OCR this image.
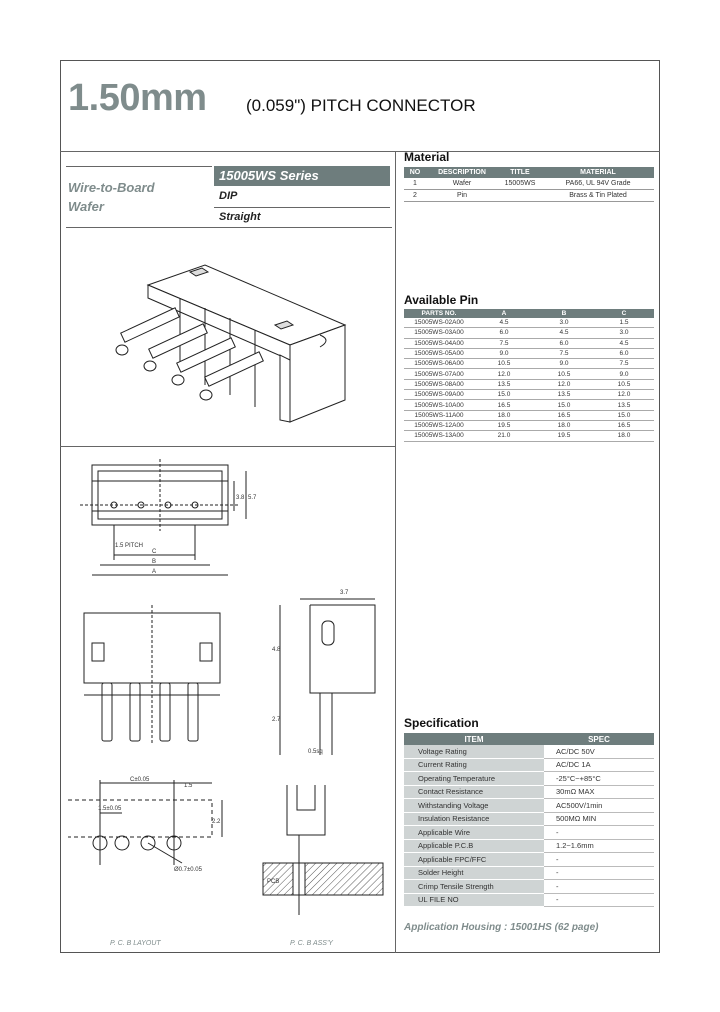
1.50mm (0.059") PITCH CONNECTOR
Wire-to-Board
Wafer
15005WS Series
DIP
Straight
Material
NO	DESCRIPTION	TITLE	MATERIAL
1	Wafer	15005WS	PA66, UL 94V Grade
2	Pin		Brass & Tin Plated
Available Pin
PARTS NO.	A	B	C
15005WS-02A00	4.5	3.0	1.5
15005WS-03A00	6.0	4.5	3.0
15005WS-04A00	7.5	6.0	4.5
15005WS-05A00	9.0	7.5	6.0
15005WS-06A00	10.5	9.0	7.5
15005WS-07A00	12.0	10.5	9.0
15005WS-08A00	13.5	12.0	10.5
15005WS-09A00	15.0	13.5	12.0
15005WS-10A00	16.5	15.0	13.5
15005WS-11A00	18.0	16.5	15.0
15005WS-12A00	19.5	18.0	16.5
15005WS-13A00	21.0	19.5	18.0
Specification
ITEM	SPEC
Voltage Rating	AC/DC 50V
Current Rating	AC/DC 1A
Operating Temperature	-25°C~+85°C
Contact Resistance	30mΩ MAX
Withstanding Voltage	AC500V/1min
Insulation Resistance	500MΩ MIN
Applicable Wire	-
Applicable P.C.B	1.2~1.6mm
Applicable FPC/FFC	-
Solder Height	-
Crimp Tensile Strength	-
UL FILE NO	-
Application Housing : 15001HS (62 page)
1.5 PITCH
C
B
A
3.8 5.7
3.7
4.8
2.7
0.5sq
C±0.05
1.5
1.5±0.05
2.2
Ø0.7±0.05
PCB
P. C. B LAYOUT	P. C. B ASS'Y
